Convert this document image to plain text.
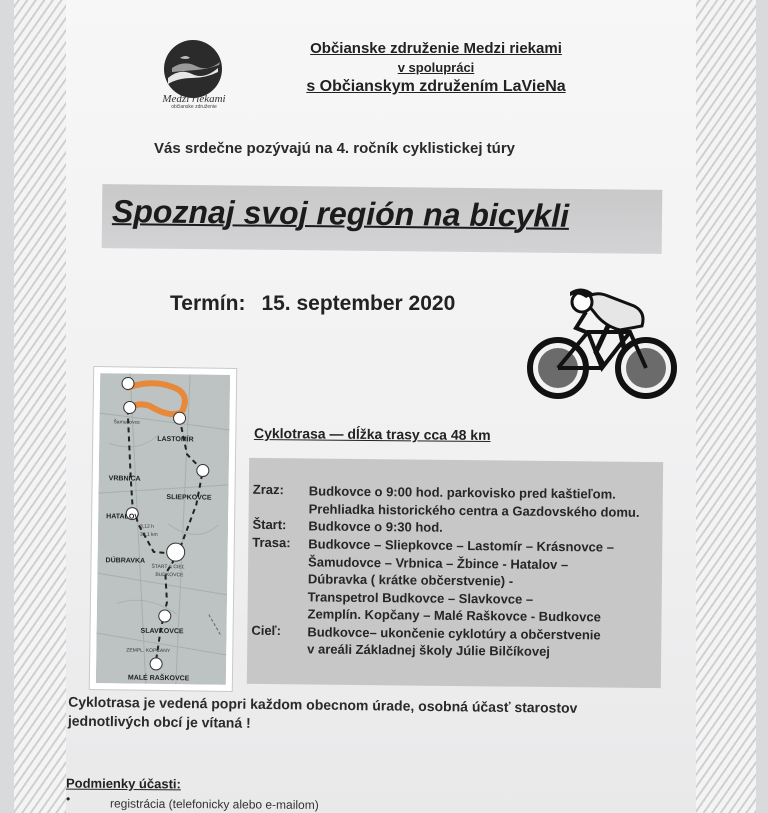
Medzi riekami
občianske združenie
Občianske združenie Medzi riekami
v spolupráci
s Občianskym združením LaVieNa
Vás srdečne pozývajú na 4. ročník cyklistickej túry
Spoznaj svoj región na bicykli
Termín: 15. september 2020
Šamudovce
LASTOMÍR
VRBNICA
SLIEPKOVCE
HATALOV
3,12 h
39,1 km
DÚBRAVKA
ŠTART & CIEĽ
BUDKOVCE
SLAVKOVCE
ZEMPL. KOPČANY
MALÉ RAŠKOVCE
Cyklotrasa — dĺžka trasy cca 48 km
Zraz:	Budkovce o 9:00 hod. parkovisko pred kaštieľom.
Prehliadka historického centra a Gazdovského domu.
Štart:	Budkovce o 9:30 hod.
Trasa:	Budkovce – Sliepkovce – Lastomír – Krásnovce –
Šamudovce – Vrbnica – Žbince - Hatalov –
Dúbravka ( krátke občerstvenie) -
Transpetrol Budkovce – Slavkovce –
Zemplín. Kopčany – Malé Raškovce - Budkovce
Cieľ:	Budkovce– ukončenie cyklotúry a občerstvenie
v areáli Základnej školy Júlie Bilčíkovej
Cyklotrasa je vedená popri každom obecnom úrade, osobná účasť starostov jednotlivých obcí je vítaná !
Podmienky účasti:
•	registrácia (telefonicky alebo e-mailom)
